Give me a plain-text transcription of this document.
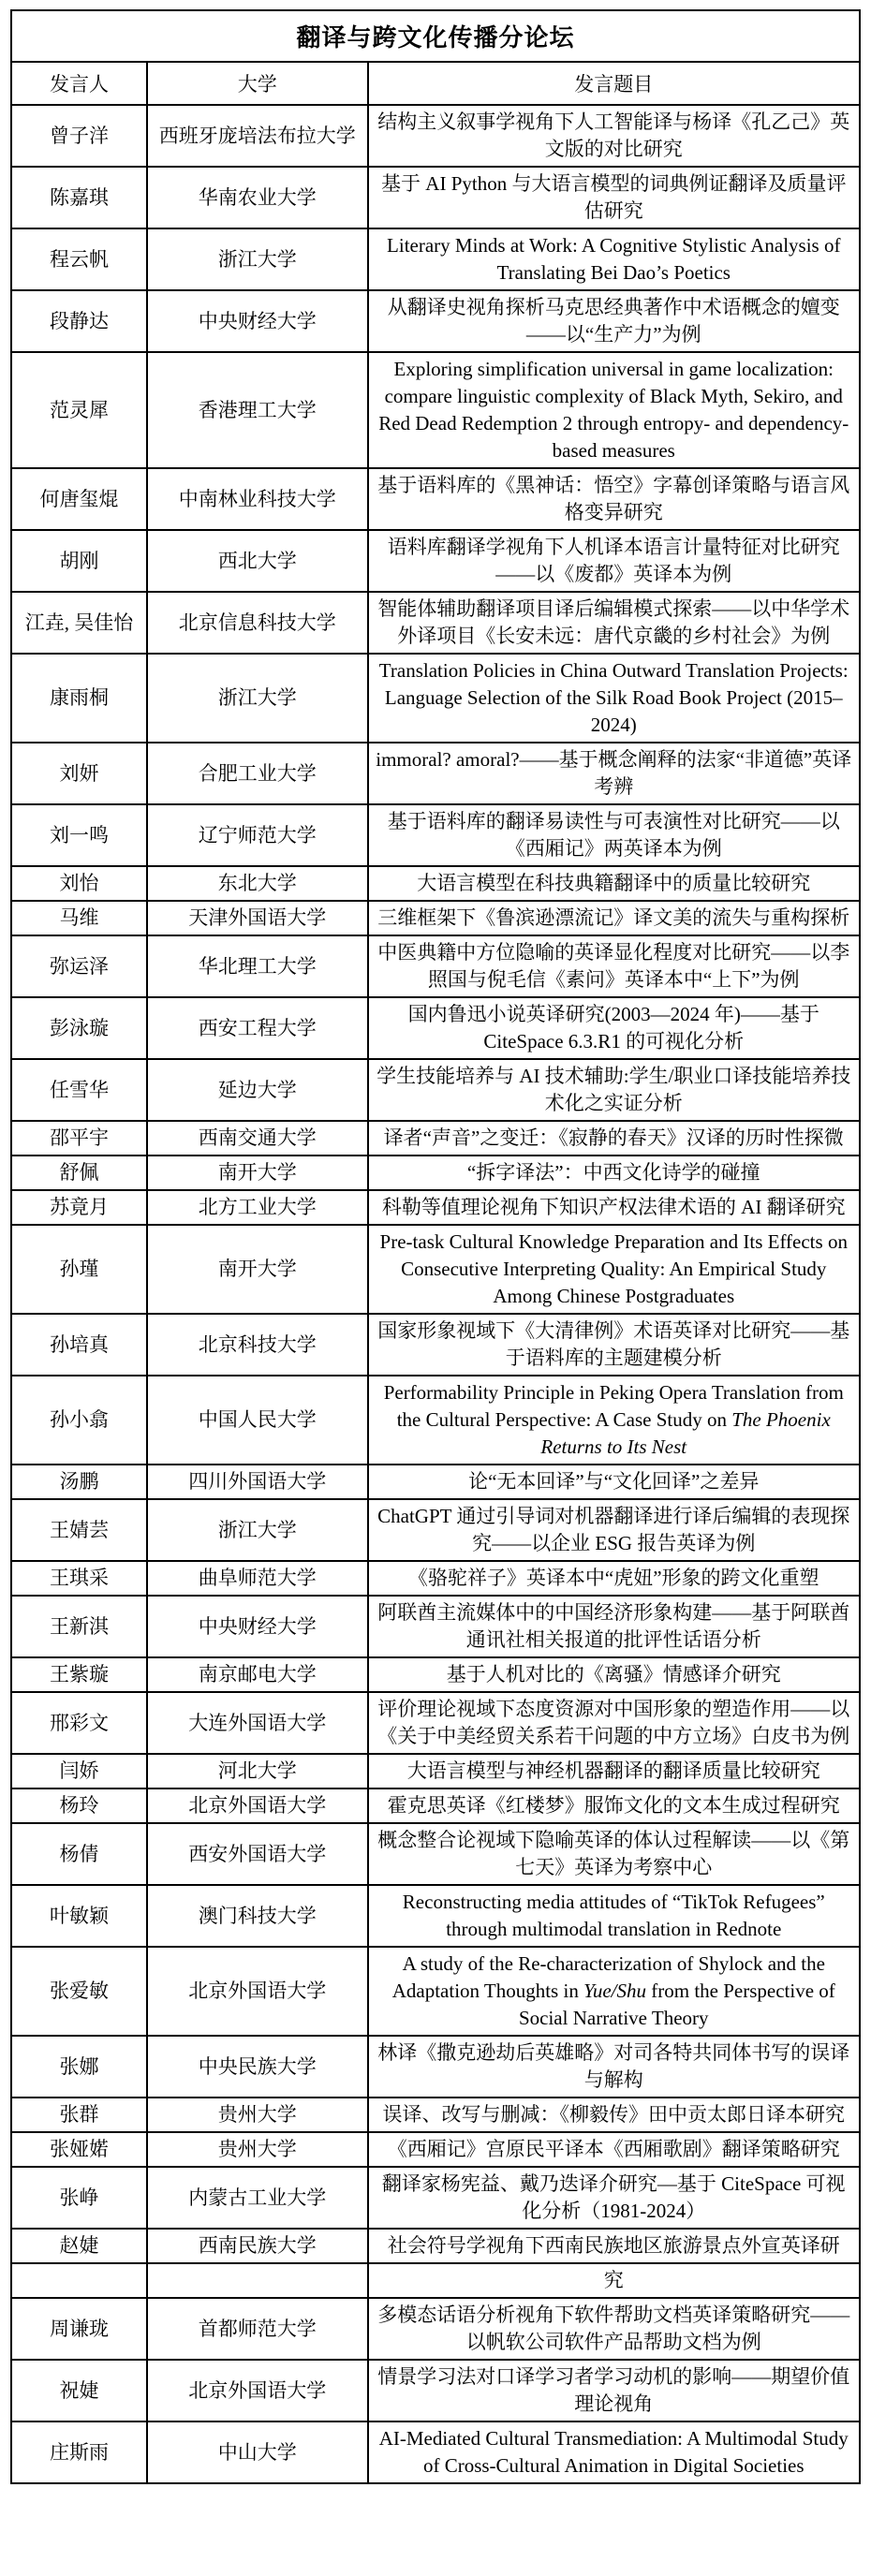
翻译与跨文化传播分论坛		
发言人	大学	发言题目
曾子洋	西班牙庞培法布拉大学	结构主义叙事学视角下人工智能译与杨译《孔乙己》英文版的对比研究
陈嘉琪	华南农业大学	基于 AI Python 与大语言模型的词典例证翻译及质量评估研究
程云帆	浙江大学	Literary Minds at Work: A Cognitive Stylistic Analysis of Translating Bei Dao’s Poetics
段静达	中央财经大学	从翻译史视角探析马克思经典著作中术语概念的嬗变——以“生产力”为例
范灵犀	香港理工大学	Exploring simplification universal in game localization: compare linguistic complexity of Black Myth, Sekiro, and Red Dead Redemption 2 through entropy- and dependency-based measures
何唐玺焜	中南林业科技大学	基于语料库的《黑神话：悟空》字幕创译策略与语言风格变异研究
胡刚	西北大学	语料库翻译学视角下人机译本语言计量特征对比研究——以《废都》英译本为例
江垚, 吴佳怡	北京信息科技大学	智能体辅助翻译项目译后编辑模式探索——以中华学术外译项目《长安未远：唐代京畿的乡村社会》为例
康雨桐	浙江大学	Translation Policies in China Outward Translation Projects: Language Selection of the Silk Road Book Project (2015–2024)
刘妍	合肥工业大学	immoral? amoral?——基于概念阐释的法家“非道德”英译考辨
刘一鸣	辽宁师范大学	基于语料库的翻译易读性与可表演性对比研究——以《西厢记》两英译本为例
刘怡	东北大学	大语言模型在科技典籍翻译中的质量比较研究
马维	天津外国语大学	三维框架下《鲁滨逊漂流记》译文美的流失与重构探析
弥运泽	华北理工大学	中医典籍中方位隐喻的英译显化程度对比研究——以李照国与倪毛信《素问》英译本中“上下”为例
彭泳璇	西安工程大学	国内鲁迅小说英译研究(2003—2024 年)——基于 CiteSpace 6.3.R1 的可视化分析
任雪华	延边大学	学生技能培养与 AI 技术辅助:学生/职业口译技能培养技术化之实证分析
邵平宇	西南交通大学	译者“声音”之变迁：《寂静的春天》汉译的历时性探微
舒佩	南开大学	“拆字译法”：中西文化诗学的碰撞
苏竟月	北方工业大学	科勒等值理论视角下知识产权法律术语的 AI 翻译研究
孙瑾	南开大学	Pre-task Cultural Knowledge Preparation and Its Effects on Consecutive Interpreting Quality: An Empirical Study Among Chinese Postgraduates
孙培真	北京科技大学	国家形象视域下《大清律例》术语英译对比研究——基于语料库的主题建模分析
孙小翕	中国人民大学	Performability Principle in Peking Opera Translation from the Cultural Perspective: A Case Study on The Phoenix Returns to Its Nest
汤鹏	四川外国语大学	论“无本回译”与“文化回译”之差异
王婧芸	浙江大学	ChatGPT 通过引导词对机器翻译进行译后编辑的表现探究——以企业 ESG 报告英译为例
王琪采	曲阜师范大学	《骆驼祥子》英译本中“虎妞”形象的跨文化重塑
王新淇	中央财经大学	阿联酋主流媒体中的中国经济形象构建——基于阿联酋通讯社相关报道的批评性话语分析
王紫璇	南京邮电大学	基于人机对比的《离骚》情感译介研究
邢彩文	大连外国语大学	评价理论视域下态度资源对中国形象的塑造作用——以《关于中美经贸关系若干问题的中方立场》白皮书为例
闫娇	河北大学	大语言模型与神经机器翻译的翻译质量比较研究
杨玲	北京外国语大学	霍克思英译《红楼梦》服饰文化的文本生成过程研究
杨倩	西安外国语大学	概念整合论视域下隐喻英译的体认过程解读——以《第七天》英译为考察中心
叶敏颖	澳门科技大学	Reconstructing media attitudes of “TikTok Refugees” through multimodal translation in Rednote
张爱敏	北京外国语大学	A study of the Re-characterization of Shylock and the Adaptation Thoughts in Yue/Shu from the Perspective of Social Narrative Theory
张娜	中央民族大学	林译《撒克逊劫后英雄略》对司各特共同体书写的误译与解构
张群	贵州大学	误译、改写与删减：《柳毅传》田中贡太郎日译本研究
张娅婼	贵州大学	《西厢记》宫原民平译本《西厢歌剧》翻译策略研究
张峥	内蒙古工业大学	翻译家杨宪益、戴乃迭译介研究—基于 CiteSpace 可视化分析（1981-2024）
赵婕	西南民族大学	社会符号学视角下西南民族地区旅游景点外宣英译研
		究
周谦珑	首都师范大学	多模态话语分析视角下软件帮助文档英译策略研究——以帆软公司软件产品帮助文档为例
祝婕	北京外国语大学	情景学习法对口译学习者学习动机的影响——期望价值理论视角
庄斯雨	中山大学	AI-Mediated Cultural Transmediation: A Multimodal Study of Cross-Cultural Animation in Digital Societies
